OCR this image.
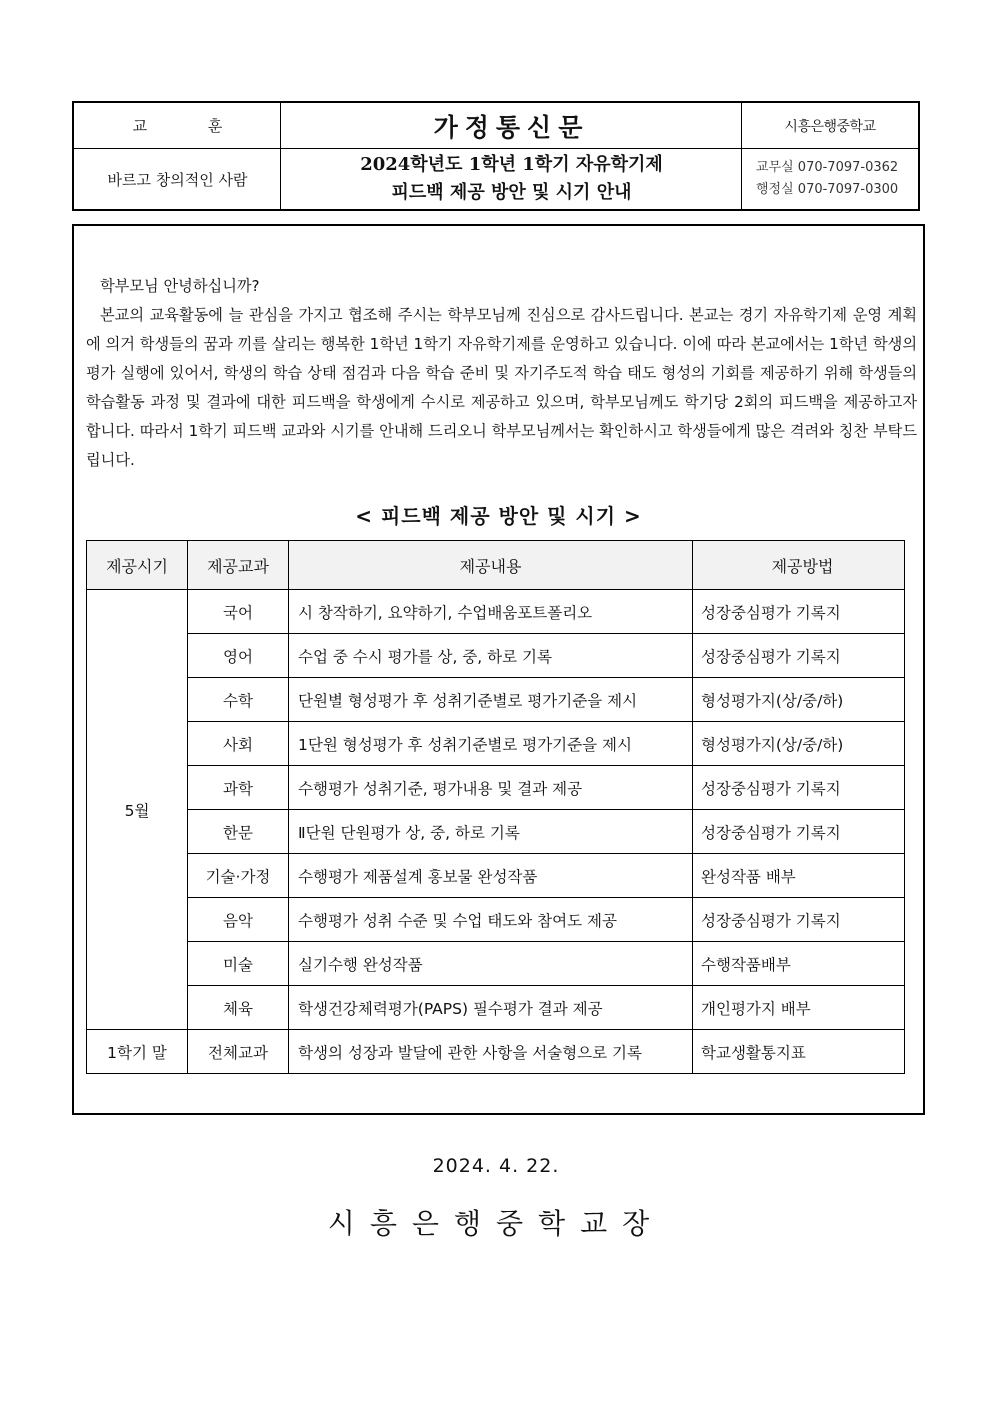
교 훈	가정통신문	시흥은행중학교
바르고 창의적인 사람
2024학년도 1학년 1학기 자유학기제
피드백 제공 방안 및 시기 안내
교무실 070-7097-0362
행정실 070-7097-0300

학부모님 안녕하십니까?

본교의 교육활동에 늘 관심을 가지고 협조해 주시는 학부모님께 진심으로 감사드립니다. 본교는 경기 자유학기제 운영 계획에 의거 학생들의 꿈과 끼를 살리는 행복한 1학년 1학기 자유학기제를 운영하고 있습니다. 이에 따라 본교에서는 1학년 학생의 평가 실행에 있어서, 학생의 학습 상태 점검과 다음 학습 준비 및 자기주도적 학습 태도 형성의 기회를 제공하기 위해 학생들의 학습활동 과정 및 결과에 대한 피드백을 학생에게 수시로 제공하고 있으며, 학부모님께도 학기당 2회의 피드백을 제공하고자 합니다. 따라서 1학기 피드백 교과와 시기를 안내해 드리오니 학부모님께서는 확인하시고 학생들에게 많은 격려와 칭찬 부탁드립니다.

< 피드백 제공 방안 및 시기 >
제공시기	제공교과	제공내용	제공방법
5월	국어	시 창작하기, 요약하기, 수업배움포트폴리오	성장중심평가 기록지
	영어	수업 중 수시 평가를 상, 중, 하로 기록	성장중심평가 기록지
	수학	단원별 형성평가 후 성취기준별로 평가기준을 제시	형성평가지(상/중/하)
	사회	1단원 형성평가 후 성취기준별로 평가기준을 제시	형성평가지(상/중/하)
	과학	수행평가 성취기준, 평가내용 및 결과 제공	성장중심평가 기록지
	한문	Ⅱ단원 단원평가 상, 중, 하로 기록	성장중심평가 기록지
	기술·가정	수행평가 제품설계 홍보물 완성작품	완성작품 배부
	음악	수행평가 성취 수준 및 수업 태도와 참여도 제공	성장중심평가 기록지
	미술	실기수행 완성작품	수행작품배부
	체육	학생건강체력평가(PAPS) 필수평가 결과 제공	개인평가지 배부
1학기 말	전체교과	학생의 성장과 발달에 관한 사항을 서술형으로 기록	학교생활통지표
2024. 4. 22.
시흥은행중학교장
